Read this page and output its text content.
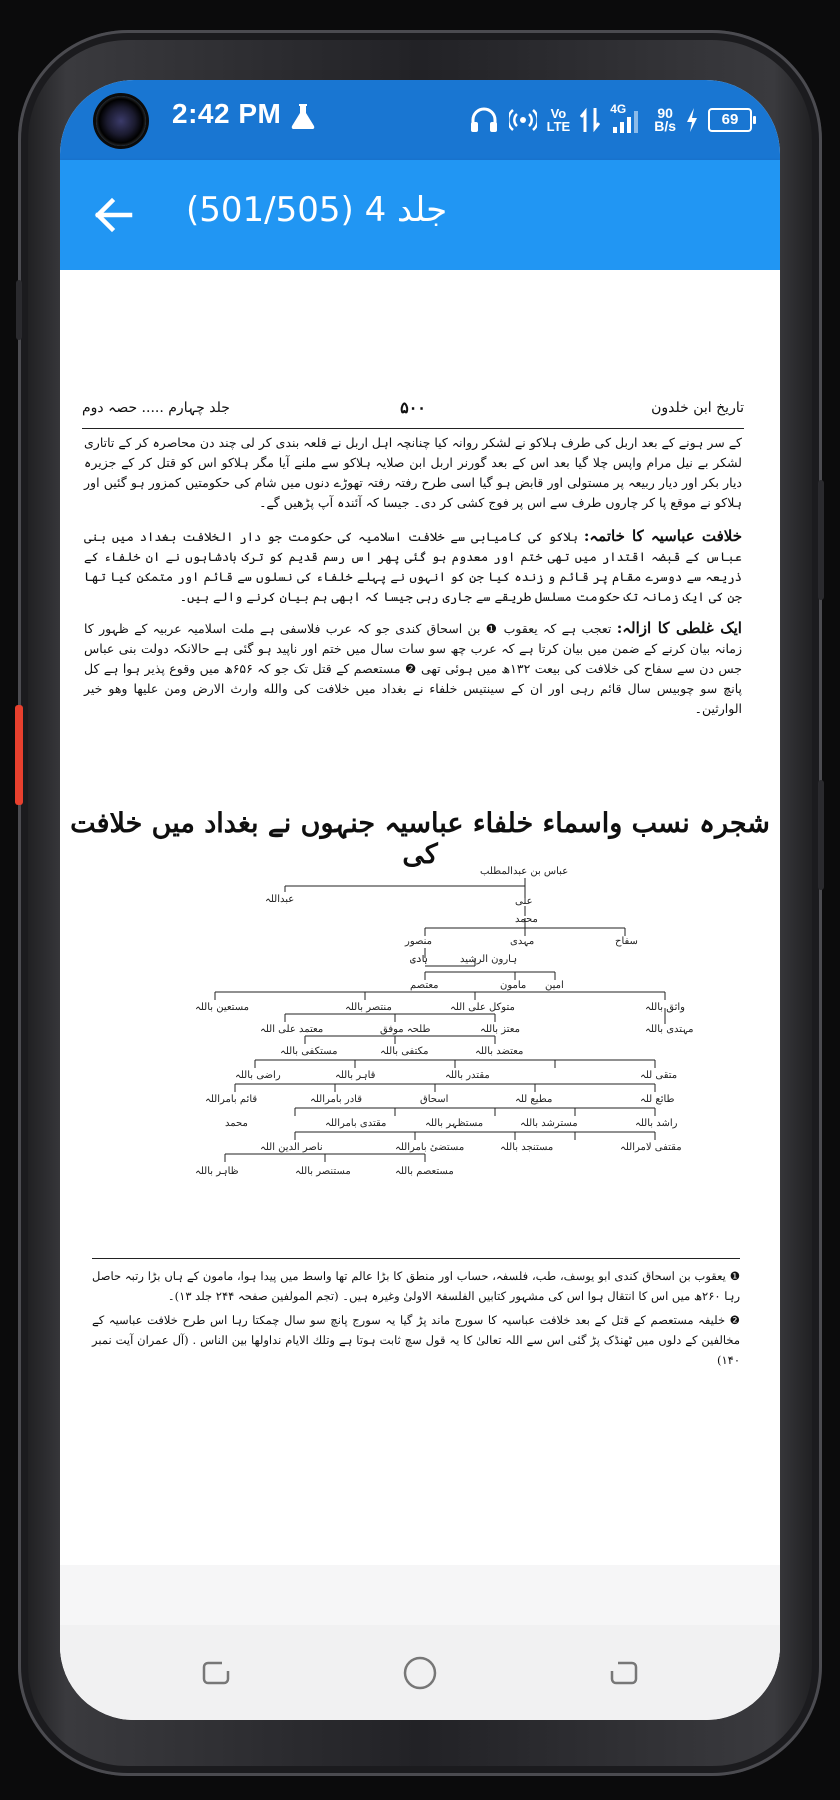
2:42 PM	Vo
LTE
4G 90
B/s	69
جلد 4 (501/505)
تاریخ ابن خلدون
۵۰۰
جلد چہارم ..... حصہ دوم
کے سر ہونے کے بعد اربل کی طرف ہلاکو نے لشکر روانہ کیا چنانچہ اہل اربل نے قلعہ بندی کر لی چند دن محاصرہ کر کے تاتاری لشکر بے نیل مرام واپس چلا گیا بعد اس کے بعد گورنر اربل ابن صلایہ ہلاکو سے ملنے آیا مگر ہلاکو اس کو قتل کر کے جزیرہ دیار بکر اور دیار ربیعہ پر مستولی اور قابض ہو گیا اسی طرح رفتہ رفتہ تھوڑے دنوں میں شام کی حکومتیں کمزور ہو گئیں اور ہلاکو نے موقع پا کر چاروں طرف سے اس پر فوج کشی کر دی۔ جیسا کہ آئندہ آپ پڑھیں گے۔
خلافت عباسیہ کا خاتمہ: ہلاکو کی کامیابی سے خلافت اسلامیہ کی حکومت جو دار الخلافت بغداد میں بنی عباس کے قبضہ اقتدار میں تھی ختم اور معدوم ہو گئی پھر اس رسم قدیم کو ترک بادشاہوں نے ان خلفاء کے ذریعہ سے دوسرے مقام پر قائم و زندہ کیا جن کو انہوں نے پہلے خلفاء کی نسلوں سے قائم اور متمکن کیا تھا جن کی ایک زمانہ تک حکومت مسلسل طریقے سے جاری رہی جیسا کہ ابھی ہم بیان کرنے والے ہیں۔
ایک غلطی کا ازالہ: تعجب ہے کہ یعقوب ❶ بن اسحاق کندی جو کہ عرب فلاسفی ہے ملت اسلامیہ عربیہ کے ظہور کا زمانہ بیان کرنے کے ضمن میں بیان کرتا ہے کہ عرب چھ سو سات سال میں ختم اور ناپید ہو گئی ہے حالانکہ دولت بنی عباس جس دن سے سفاح کی خلافت کی بیعت ۱۳۲ھ میں ہوئی تھی ❷ مستعصم کے قتل تک جو کہ ۶۵۶ھ میں وقوع پذیر ہوا ہے کل پانچ سو چوبیس سال قائم رہی اور ان کے سینتیس خلفاء نے بغداد میں خلافت کی والله وارث الارض ومن عليها وهو خير الوارثين۔
شجرہ نسب واسماء خلفاء عباسیہ جنہوں نے بغداد میں خلافت کی
عباس بن عبدالمطلب
عبداللہ	علی
محمد
منصور	مہدی	سفاح
ہادی	ہارون الرشید
معتصم	مامون امین
مستعین باللہ	منتصر باللہ	متوکل علی اللہ	واثق باللہ
معتمد علی اللہ	طلحہ موفق	معتز باللہ	مہتدی باللہ
مستکفی باللہ	مکتفی باللہ	معتضد باللہ
راضی باللہ	قاہر باللہ	مقتدر باللہ	متقی للہ
قائم بامراللہ	قادر بامراللہ	اسحاق	مطیع للہ	طائع للہ
محمد	مقتدی بامراللہ	مستظہر باللہ	مسترشد باللہ	راشد باللہ
ناصر الدین اللہ	مستضیٔ بامراللہ	مستنجد باللہ	مقتفی لامراللہ
ظاہر باللہ	مستنصر باللہ	مستعصم باللہ
❶ یعقوب بن اسحاق کندی ابو یوسف، طب، فلسفہ، حساب اور منطق کا بڑا عالم تھا واسط میں پیدا ہوا، مامون کے ہاں بڑا رتبہ حاصل رہا ۲۶۰ھ میں اس کا انتقال ہوا اس کی مشہور کتابیں الفلسفۃ الاولیٰ وغیرہ ہیں۔ (تجم المولفین صفحہ ۲۴۴ جلد ۱۳)۔
❷ خلیفہ مستعصم کے قتل کے بعد خلافت عباسیہ کا سورج ماند پڑ گیا یہ سورج پانچ سو سال چمکتا رہا اس طرح خلافت عباسیہ کے مخالفین کے دلوں میں ٹھنڈک پڑ گئی اس سے اللہ تعالیٰ کا یہ قول سچ ثابت ہوتا ہے وتلك الايام نداولها بين الناس . (آل عمران آیت نمبر ۱۴۰)
